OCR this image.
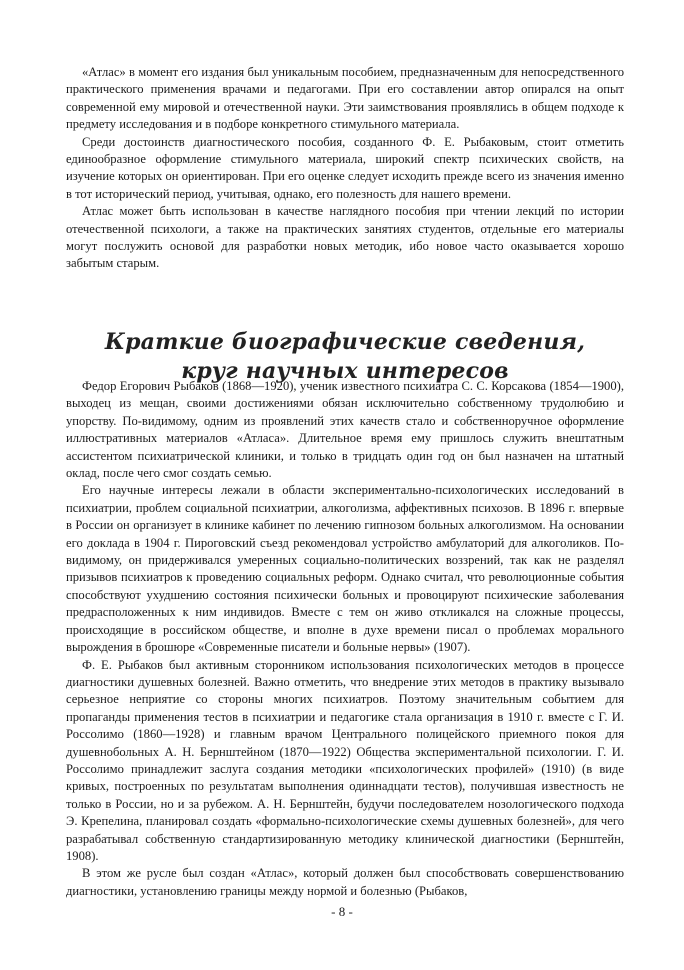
«Атлас» в момент его издания был уникальным пособием, предназначенным для непосредственного практического применения врачами и педагогами. При его составлении автор опирался на опыт современной ему мировой и отечественной науки. Эти заимствования проявлялись в общем подходе к предмету исследования и в подборе конкретного стимульного материала.

Среди достоинств диагностического пособия, созданного Ф. Е. Рыбаковым, стоит отметить единообразное оформление стимульного материала, широкий спектр психических свойств, на изучение которых он ориентирован. При его оценке следует исходить прежде всего из значения именно в тот исторический период, учитывая, однако, его полезность для нашего времени.

Атлас может быть использован в качестве наглядного пособия при чтении лекций по истории отечественной психологи, а также на практических занятиях студентов, отдельные его материалы могут послужить основой для разработки новых методик, ибо новое часто оказывается хорошо забытым старым.

Краткие биографические сведения,
круг научных интересов

Федор Егорович Рыбаков (1868—1920), ученик известного психиатра С. С. Корсакова (1854—1900), выходец из мещан, своими достижениями обязан исключительно собственному трудолюбию и упорству. По-видимому, одним из проявлений этих качеств стало и собственноручное оформление иллюстративных материалов «Атласа». Длительное время ему пришлось служить внештатным ассистентом психиатрической клиники, и только в тридцать один год он был назначен на штатный оклад, после чего смог создать семью.

Его научные интересы лежали в области экспериментально-психологических исследований в психиатрии, проблем социальной психиатрии, алкоголизма, аффективных психозов. В 1896 г. впервые в России он организует в клинике кабинет по лечению гипнозом больных алкоголизмом. На основании его доклада в 1904 г. Пироговский съезд рекомендовал устройство амбулаторий для алкоголиков. По-видимому, он придерживался умеренных социально-политических воззрений, так как не разделял призывов психиатров к проведению социальных реформ. Однако считал, что революционные события способствуют ухудшению состояния психически больных и провоцируют психические заболевания предрасположенных к ним индивидов. Вместе с тем он живо откликался на сложные процессы, происходящие в российском обществе, и вполне в духе времени писал о проблемах морального вырождения в брошюре «Современные писатели и больные нервы» (1907).

Ф. Е. Рыбаков был активным сторонником использования психологических методов в процессе диагностики душевных болезней. Важно отметить, что внедрение этих методов в практику вызывало серьезное неприятие со стороны многих психиатров. Поэтому значительным событием для пропаганды применения тестов в психиатрии и педагогике стала организация в 1910 г. вместе с Г. И. Россолимо (1860—1928) и главным врачом Центрального полицейского приемного покоя для душевнобольных А. Н. Бернштейном (1870—1922) Общества экспериментальной психологии. Г. И. Россолимо принадлежит заслуга создания методики «психологических профилей» (1910) (в виде кривых, построенных по результатам выполнения одиннадцати тестов), получившая известность не только в России, но и за рубежом. А. Н. Бернштейн, будучи последователем нозологического подхода Э. Крепелина, планировал создать «формально-психологические схемы душевных болезней», для чего разрабатывал собственную стандартизированную методику клинической диагностики (Бернштейн, 1908).

В этом же русле был создан «Атлас», который должен был способствовать совершенствованию диагностики, установлению границы между нормой и болезнью (Рыбаков,

- 8 -
